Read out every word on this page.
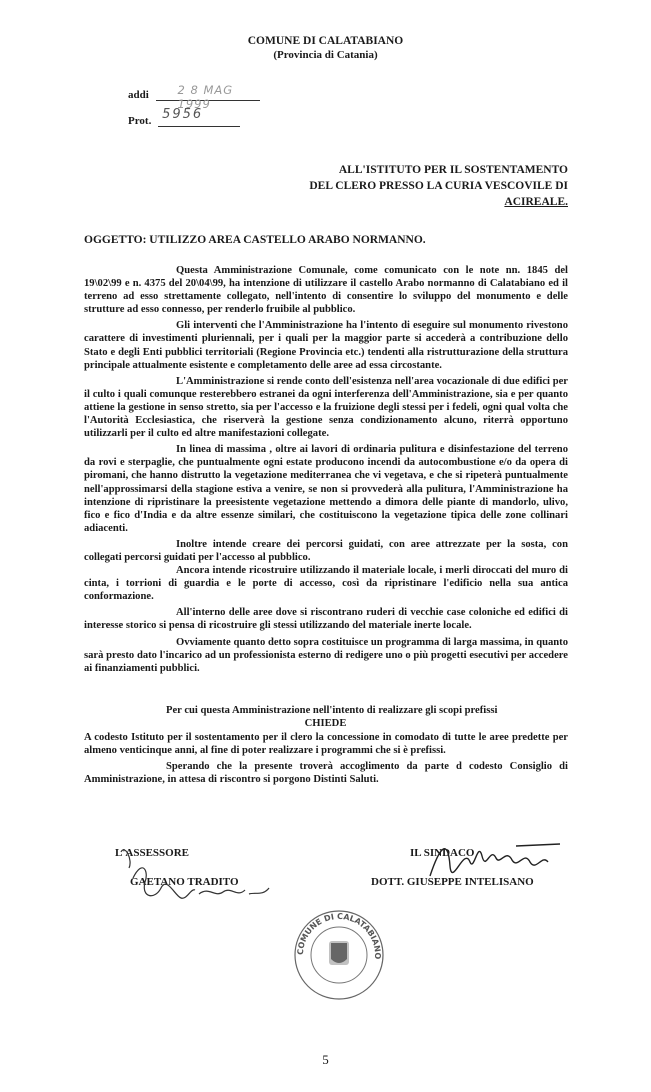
COMUNE DI CALATABIANO
(Provincia di Catania)
addi	2 8 MAG 1999
Prot. 5956
ALL'ISTITUTO PER IL SOSTENTAMENTO
DEL CLERO PRESSO LA CURIA VESCOVILE DI
ACIREALE.
OGGETTO: UTILIZZO AREA CASTELLO ARABO NORMANNO.

Questa Amministrazione Comunale, come comunicato con le note nn. 1845 del 19\02\99 e n. 4375 del 20\04\99, ha intenzione di utilizzare il castello Arabo normanno di Calatabiano ed il terreno ad esso strettamente collegato, nell'intento di consentire lo sviluppo del monumento e delle strutture ad esso connesso, per renderlo fruibile al pubblico.

Gli interventi che l'Amministrazione ha l'intento di eseguire sul monumento rivestono carattere di investimenti pluriennali, per i quali per la maggior parte si accederà a contribuzione dello Stato e degli Enti pubblici territoriali (Regione Provincia etc.) tendenti alla ristrutturazione della struttura principale attualmente esistente e completamento delle aree ad essa circostante.

L'Amministrazione si rende conto dell'esistenza nell'area vocazionale di due edifici per il culto i quali comunque resterebbero estranei da ogni interferenza dell'Amministrazione, sia e per quanto attiene la gestione in senso stretto, sia per l'accesso e la fruizione degli stessi per i fedeli, ogni qual volta che l'Autorità Ecclesiastica, che riserverà la gestione senza condizionamento alcuno, riterrà opportuno utilizzarli per il culto ed altre manifestazioni collegate.

In linea di massima , oltre ai lavori di ordinaria pulitura e disinfestazione del terreno da rovi e sterpaglie, che puntualmente ogni estate producono incendi da autocombustione e/o da opera di piromani, che hanno distrutto la vegetazione mediterranea che vi vegetava, e che si ripeterà puntualmente nell'approssimarsi della stagione estiva a venire, se non si provvederà alla pulitura, l'Amministrazione ha intenzione di ripristinare la preesistente vegetazione mettendo a dimora delle piante di mandorlo, ulivo, fico e fico d'India e da altre essenze similari, che costituiscono la vegetazione tipica delle zone collinari adiacenti.

Inoltre intende creare dei percorsi guidati, con aree attrezzate per la sosta, con collegati percorsi guidati per l'accesso al pubblico.

Ancora intende ricostruire utilizzando il materiale locale, i merli diroccati del muro di cinta, i torrioni di guardia e le porte di accesso, così da ripristinare l'edificio nella sua antica conformazione.

All'interno delle aree dove si riscontrano ruderi di vecchie case coloniche ed edifici di interesse storico si pensa di ricostruire gli stessi utilizzando del materiale inerte locale.

Ovviamente quanto detto sopra costituisce un programma di larga massima, in quanto sarà presto dato l'incarico ad un professionista esterno di redigere uno o più progetti esecutivi per accedere ai finanziamenti pubblici.

Per cui questa Amministrazione nell'intento di realizzare gli scopi prefissi

CHIEDE

A codesto Istituto per il sostentamento per il clero la concessione in comodato di tutte le aree predette per almeno venticinque anni, al fine di poter realizzare i programmi che si è prefissi.

Sperando che la presente troverà accoglimento da parte d codesto Consiglio di Amministrazione, in attesa di riscontro si porgono Distinti Saluti.

L'ASSESSORE
GAETANO TRADITO
IL SINDACO
DOTT. GIUSEPPE INTELISANO
COMUNE DI CALATABIANO
5
